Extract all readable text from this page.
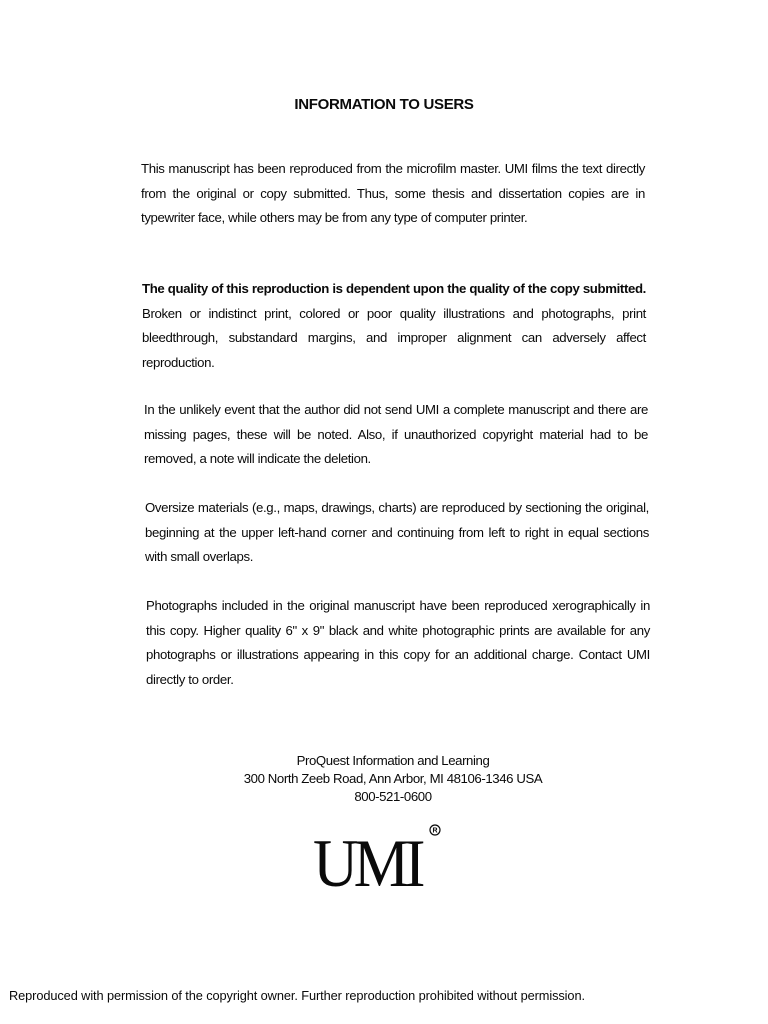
INFORMATION TO USERS

This manuscript has been reproduced from the microfilm master. UMI films the text directly from the original or copy submitted. Thus, some thesis and dissertation copies are in typewriter face, while others may be from any type of computer printer.

The quality of this reproduction is dependent upon the quality of the copy submitted. Broken or indistinct print, colored or poor quality illustrations and photographs, print bleedthrough, substandard margins, and improper alignment can adversely affect reproduction.

In the unlikely event that the author did not send UMI a complete manuscript and there are missing pages, these will be noted. Also, if unauthorized copyright material had to be removed, a note will indicate the deletion.

Oversize materials (e.g., maps, drawings, charts) are reproduced by sectioning the original, beginning at the upper left-hand corner and continuing from left to right in equal sections with small overlaps.

Photographs included in the original manuscript have been reproduced xerographically in this copy. Higher quality 6" x 9" black and white photographic prints are available for any photographs or illustrations appearing in this copy for an additional charge. Contact UMI directly to order.

ProQuest Information and Learning
300 North Zeeb Road, Ann Arbor, MI 48106-1346 USA
800-521-0600
UMI R
Reproduced with permission of the copyright owner. Further reproduction prohibited without permission.
